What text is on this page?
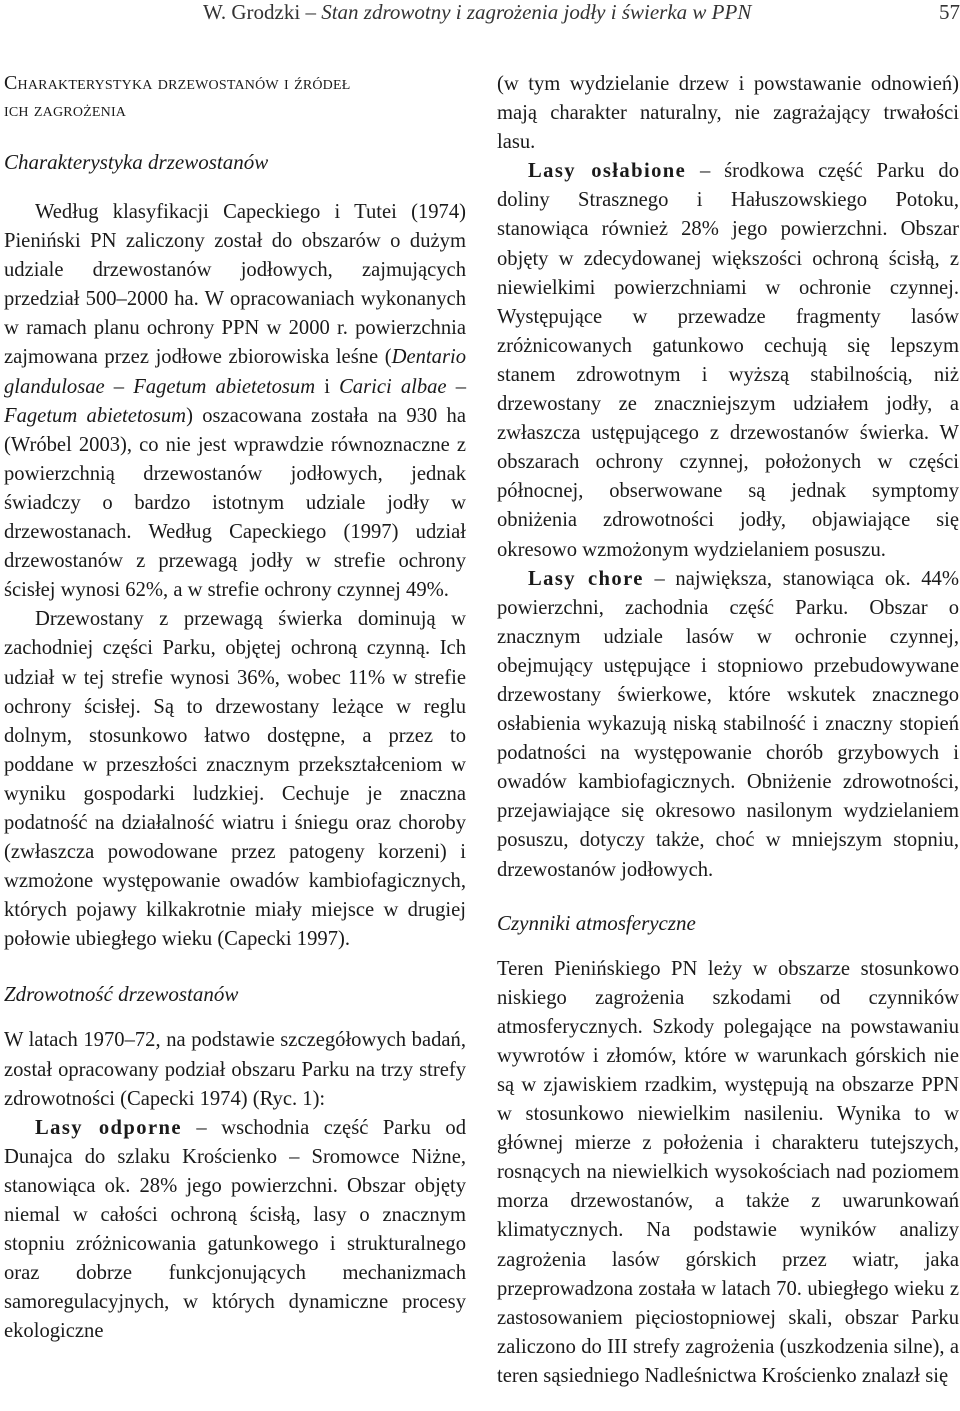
W. Grodzki – Stan zdrowotny i zagrożenia jodły i świerka w PPN	57
Charakterystyka drzewostanów i źródeł
ich zagrożenia
Charakterystyka drzewostanów

Według klasyfikacji Capeckiego i Tutei (1974) Pieniński PN zaliczony został do obszarów o dużym udziale drzewostanów jodłowych, zajmujących przedział 500–2000 ha. W opracowaniach wykonanych w ramach planu ochrony PPN w 2000 r. powierzchnia zajmowana przez jodłowe zbiorowiska leśne (Dentario glandulosae – Fagetum abietetosum i Carici albae – Fagetum abietetosum) oszacowana została na 930 ha (Wróbel 2003), co nie jest wprawdzie równoznaczne z powierzchnią drzewostanów jodłowych, jednak świadczy o bardzo istotnym udziale jodły w drzewostanach. Według Capeckiego (1997) udział drzewostanów z przewagą jodły w strefie ochrony ścisłej wynosi 62%, a w strefie ochrony czynnej 49%.

Drzewostany z przewagą świerka dominują w zachodniej części Parku, objętej ochroną czynną. Ich udział w tej strefie wynosi 36%, wobec 11% w strefie ochrony ścisłej. Są to drzewostany leżące w reglu dolnym, stosunkowo łatwo dostępne, a przez to poddane w przeszłości znacznym przekształceniom w wyniku gospodarki ludzkiej. Cechuje je znaczna podatność na działalność wiatru i śniegu oraz choroby (zwłaszcza powodowane przez patogeny korzeni) i wzmożone występowanie owadów kambiofagicznych, których pojawy kilkakrotnie miały miejsce w drugiej połowie ubiegłego wieku (Capecki 1997).

Zdrowotność drzewostanów

W latach 1970–72, na podstawie szczegółowych badań, został opracowany podział obszaru Parku na trzy strefy zdrowotności (Capecki 1974) (Ryc. 1):

Lasy odporne – wschodnia część Parku od Dunajca do szlaku Krościenko – Sromowce Niżne, stanowiąca ok. 28% jego powierzchni. Obszar objęty niemal w całości ochroną ścisłą, lasy o znacznym stopniu zróżnicowania gatunkowego i strukturalnego oraz dobrze funkcjonujących mechanizmach samoregulacyjnych, w których dynamiczne procesy ekologiczne

(w tym wydzielanie drzew i powstawanie odnowień) mają charakter naturalny, nie zagrażający trwałości lasu.

Lasy osłabione – środkowa część Parku do doliny Strasznego i Hałuszowskiego Potoku, stanowiąca również 28% jego powierzchni. Obszar objęty w zdecydowanej większości ochroną ścisłą, z niewielkimi powierzchniami w ochronie czynnej. Występujące w przewadze fragmenty lasów zróżnicowanych gatunkowo cechują się lepszym stanem zdrowotnym i wyższą stabilnością, niż drzewostany ze znaczniejszym udziałem jodły, a zwłaszcza ustępującego z drzewostanów świerka. W obszarach ochrony czynnej, położonych w części północnej, obserwowane są jednak symptomy obniżenia zdrowotności jodły, objawiające się okresowo wzmożonym wydzielaniem posuszu.

Lasy chore – największa, stanowiąca ok. 44% powierzchni, zachodnia część Parku. Obszar o znacznym udziale lasów w ochronie czynnej, obejmujący ustępujące i stopniowo przebudowywane drzewostany świerkowe, które wskutek znacznego osłabienia wykazują niską stabilność i znaczny stopień podatności na występowanie chorób grzybowych i owadów kambiofagicznych. Obniżenie zdrowotności, przejawiające się okresowo nasilonym wydzielaniem posuszu, dotyczy także, choć w mniejszym stopniu, drzewostanów jodłowych.

Czynniki atmosferyczne

Teren Pienińskiego PN leży w obszarze stosunkowo niskiego zagrożenia szkodami od czynników atmosferycznych. Szkody polegające na powstawaniu wywrotów i złomów, które w warunkach górskich nie są w zjawiskiem rzadkim, występują na obszarze PPN w stosunkowo niewielkim nasileniu. Wynika to w głównej mierze z położenia i charakteru tutejszych, rosnących na niewielkich wysokościach nad poziomem morza drzewostanów, a także z uwarunkowań klimatycznych. Na podstawie wyników analizy zagrożenia lasów górskich przez wiatr, jaka przeprowadzona została w latach 70. ubiegłego wieku z zastosowaniem pięciostopniowej skali, obszar Parku zaliczono do III strefy zagrożenia (uszkodzenia silne), a teren sąsiedniego Nadleśnictwa Krościenko znalazł się
